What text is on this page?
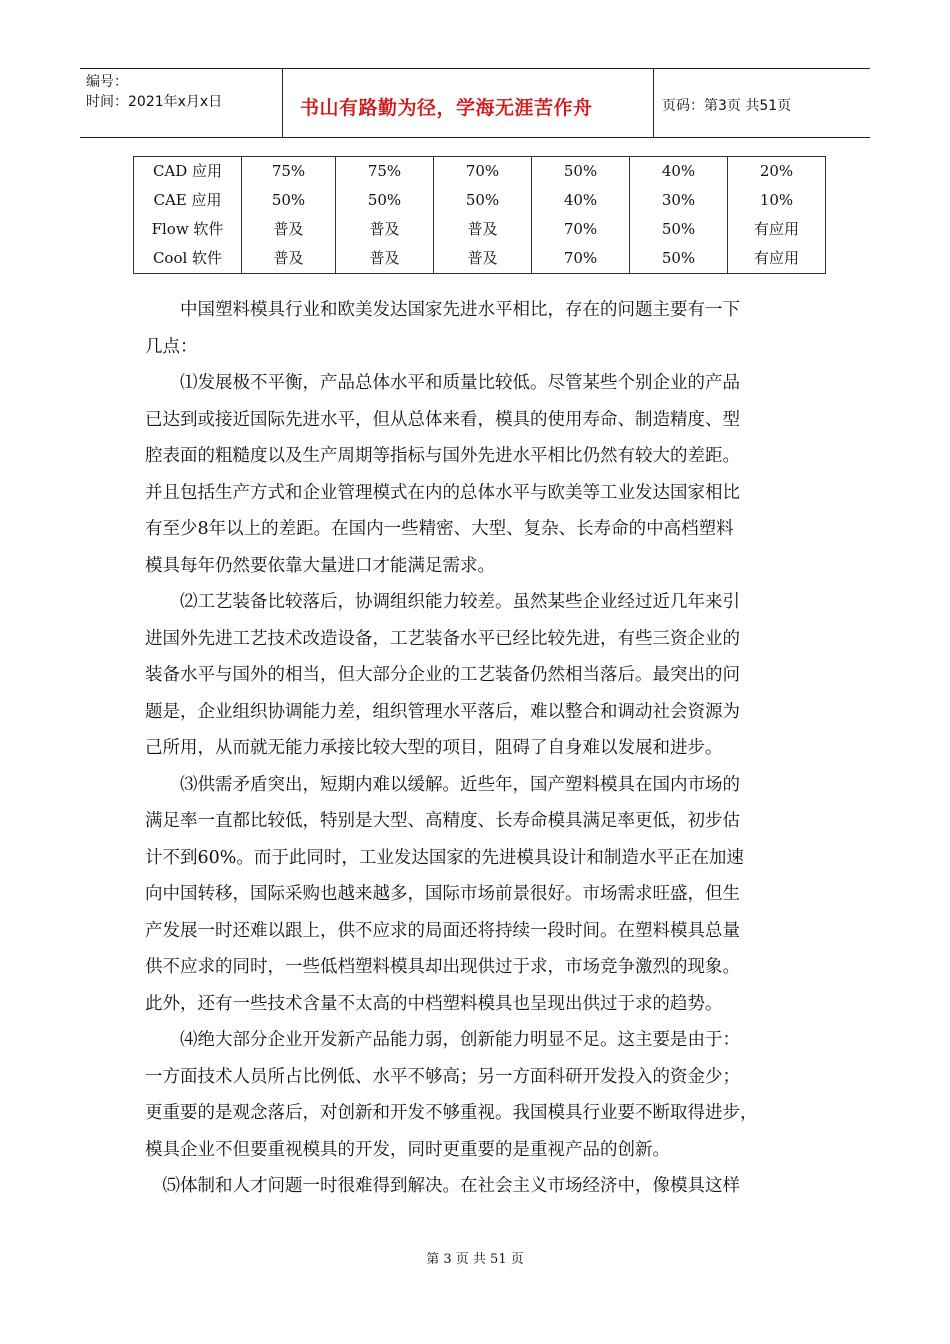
编号：
时间：2021年x月x日	书山有路勤为径，学海无涯苦作舟	页码：第3页 共51页
CAD 应用	75%	75%	70%	50%	40%	20%
CAE 应用	50%	50%	50%	40%	30%	10%
Flow 软件	普及	普及	普及	70%	50%	有应用
Cool 软件	普及	普及	普及	70%	50%	有应用
　　中国塑料模具行业和欧美发达国家先进水平相比，存在的问题主要有一下
几点：
　　⑴发展极不平衡，产品总体水平和质量比较低。尽管某些个别企业的产品
已达到或接近国际先进水平，但从总体来看，模具的使用寿命、制造精度、型
腔表面的粗糙度以及生产周期等指标与国外先进水平相比仍然有较大的差距。
并且包括生产方式和企业管理模式在内的总体水平与欧美等工业发达国家相比
有至少8年以上的差距。在国内一些精密、大型、复杂、长寿命的中高档塑料
模具每年仍然要依靠大量进口才能满足需求。
　　⑵工艺装备比较落后，协调组织能力较差。虽然某些企业经过近几年来引
进国外先进工艺技术改造设备，工艺装备水平已经比较先进，有些三资企业的
装备水平与国外的相当，但大部分企业的工艺装备仍然相当落后。最突出的问
题是，企业组织协调能力差，组织管理水平落后，难以整合和调动社会资源为
己所用，从而就无能力承接比较大型的项目，阻碍了自身难以发展和进步。
　　⑶供需矛盾突出，短期内难以缓解。近些年，国产塑料模具在国内市场的
满足率一直都比较低，特别是大型、高精度、长寿命模具满足率更低，初步估
计不到60%。而于此同时，工业发达国家的先进模具设计和制造水平正在加速
向中国转移，国际采购也越来越多，国际市场前景很好。市场需求旺盛，但生
产发展一时还难以跟上，供不应求的局面还将持续一段时间。在塑料模具总量
供不应求的同时，一些低档塑料模具却出现供过于求，市场竞争激烈的现象。
此外，还有一些技术含量不太高的中档塑料模具也呈现出供过于求的趋势。
　　⑷绝大部分企业开发新产品能力弱，创新能力明显不足。这主要是由于：
一方面技术人员所占比例低、水平不够高；另一方面科研开发投入的资金少；
更重要的是观念落后，对创新和开发不够重视。我国模具行业要不断取得进步，
模具企业不但要重视模具的开发，同时更重要的是重视产品的创新。
　⑸体制和人才问题一时很难得到解决。在社会主义市场经济中，像模具这样
第 3 页 共 51 页
